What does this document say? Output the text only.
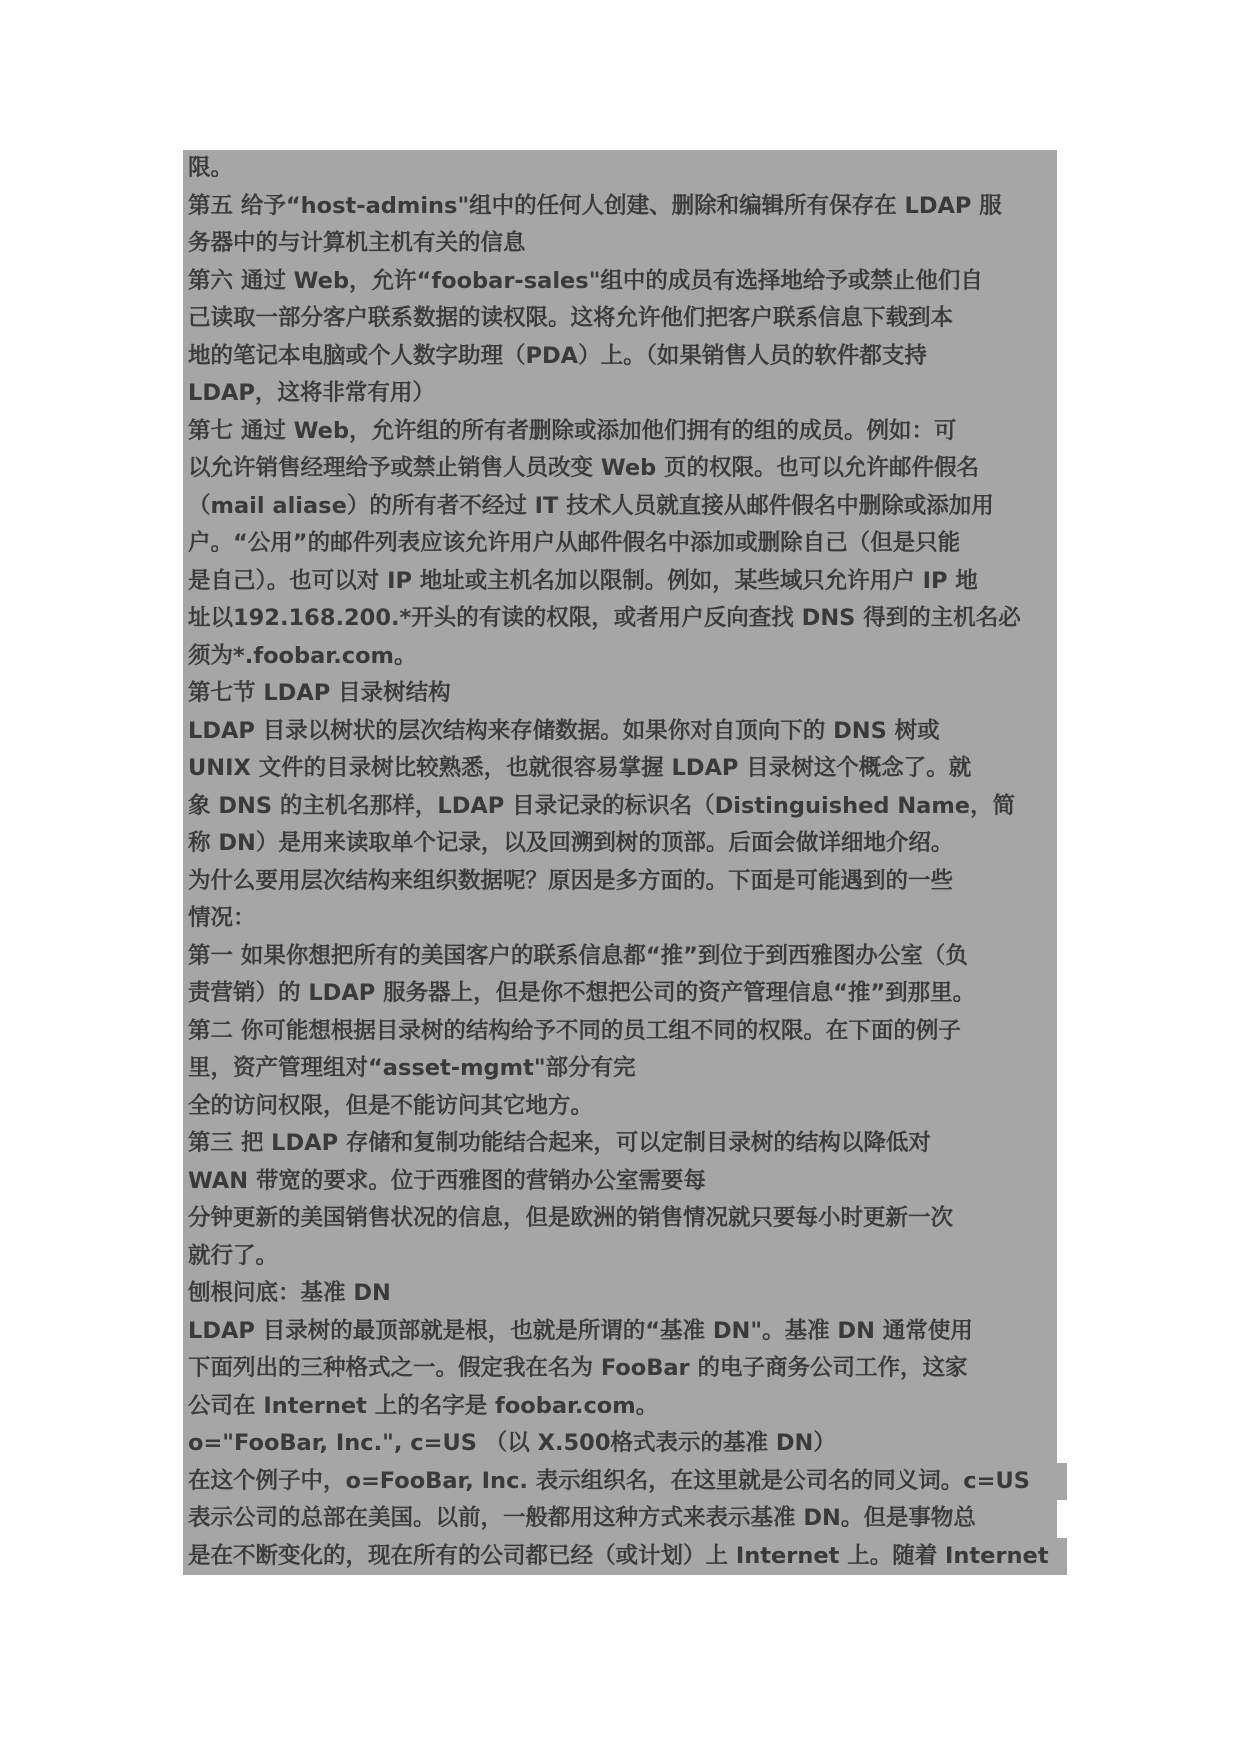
限。
第五 给予“host-admins"组中的任何人创建、删除和编辑所有保存在 LDAP 服
务器中的与计算机主机有关的信息
第六 通过 Web，允许“foobar-sales"组中的成员有选择地给予或禁止他们自
己读取一部分客户联系数据的读权限。这将允许他们把客户联系信息下载到本
地的笔记本电脑或个人数字助理（PDA）上。（如果销售人员的软件都支持
LDAP，这将非常有用）
第七 通过 Web，允许组的所有者删除或添加他们拥有的组的成员。例如：可
以允许销售经理给予或禁止销售人员改变 Web 页的权限。也可以允许邮件假名
（mail aliase）的所有者不经过 IT 技术人员就直接从邮件假名中删除或添加用
户。“公用”的邮件列表应该允许用户从邮件假名中添加或删除自己（但是只能
是自己）。也可以对 IP 地址或主机名加以限制。例如，某些域只允许用户 IP 地
址以192.168.200.*开头的有读的权限，或者用户反向查找 DNS 得到的主机名必
须为*.foobar.com。
第七节 LDAP 目录树结构
LDAP 目录以树状的层次结构来存储数据。如果你对自顶向下的 DNS 树或
UNIX 文件的目录树比较熟悉，也就很容易掌握 LDAP 目录树这个概念了。就
象 DNS 的主机名那样，LDAP 目录记录的标识名（Distinguished Name，简
称 DN）是用来读取单个记录，以及回溯到树的顶部。后面会做详细地介绍。
为什么要用层次结构来组织数据呢？原因是多方面的。下面是可能遇到的一些
情况：
第一 如果你想把所有的美国客户的联系信息都“推”到位于到西雅图办公室（负
责营销）的 LDAP 服务器上，但是你不想把公司的资产管理信息“推”到那里。
第二 你可能想根据目录树的结构给予不同的员工组不同的权限。在下面的例子
里，资产管理组对“asset-mgmt"部分有完
全的访问权限，但是不能访问其它地方。
第三 把 LDAP 存储和复制功能结合起来，可以定制目录树的结构以降低对
WAN 带宽的要求。位于西雅图的营销办公室需要每
分钟更新的美国销售状况的信息，但是欧洲的销售情况就只要每小时更新一次
就行了。
刨根问底：基准 DN
LDAP 目录树的最顶部就是根，也就是所谓的“基准 DN"。基准 DN 通常使用
下面列出的三种格式之一。假定我在名为 FooBar 的电子商务公司工作，这家
公司在 Internet 上的名字是 foobar.com。
o="FooBar, Inc.", c=US （以 X.500格式表示的基准 DN）
在这个例子中，o=FooBar, Inc. 表示组织名，在这里就是公司名的同义词。c=US
表示公司的总部在美国。以前，一般都用这种方式来表示基准 DN。但是事物总
是在不断变化的，现在所有的公司都已经（或计划）上 Internet 上。随着 Internet
